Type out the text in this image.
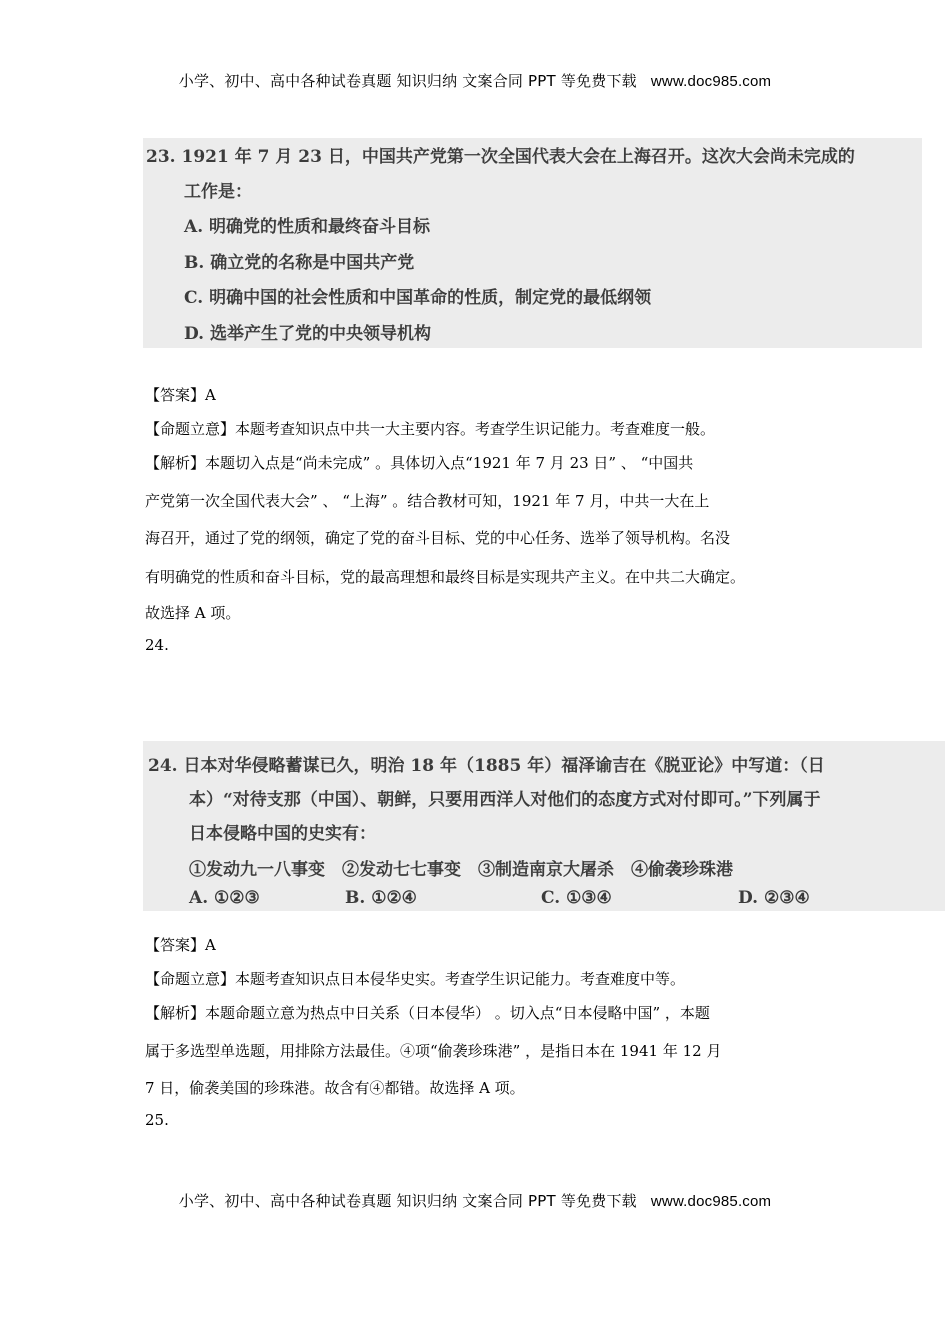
小学、初中、高中各种试卷真题 知识归纳 文案合同 PPT 等免费下载 www.doc985.com
23. 1921 年 7 月 23 日，中国共产党第一次全国代表大会在上海召开。这次大会尚未完成的
工作是：
A. 明确党的性质和最终奋斗目标
B. 确立党的名称是中国共产党
C. 明确中国的社会性质和中国革命的性质，制定党的最低纲领
D. 选举产生了党的中央领导机构
【答案】A
【命题立意】本题考查知识点中共一大主要内容。考查学生识记能力。考查难度一般。
【解析】本题切入点是“尚未完成” 。具体切入点“1921 年 7 月 23 日” 、 “中国共
产党第一次全国代表大会” 、 “上海” 。结合教材可知，1921 年 7 月，中共一大在上
海召开，通过了党的纲领，确定了党的奋斗目标、党的中心任务、选举了领导机构。名没
有明确党的性质和奋斗目标，党的最高理想和最终目标是实现共产主义。在中共二大确定。
故选择 A 项。
24.
24. 日本对华侵略蓄谋已久，明治 18 年（1885 年）福泽谕吉在《脱亚论》中写道：（日
本）“对待支那（中国）、朝鲜，只要用西洋人对他们的态度方式对付即可。”下列属于
日本侵略中国的史实有：
①发动九一八事变　②发动七七事变　③制造南京大屠杀　④偷袭珍珠港
A. ①②③	B. ①②④	C. ①③④	D. ②③④
【答案】A
【命题立意】本题考查知识点日本侵华史实。考查学生识记能力。考查难度中等。
【解析】本题命题立意为热点中日关系（日本侵华） 。切入点“日本侵略中国” ，本题
属于多选型单选题，用排除方法最佳。④项“偷袭珍珠港” ，是指日本在 1941 年 12 月
7 日，偷袭美国的珍珠港。故含有④都错。故选择 A 项。
25.
小学、初中、高中各种试卷真题 知识归纳 文案合同 PPT 等免费下载 www.doc985.com
